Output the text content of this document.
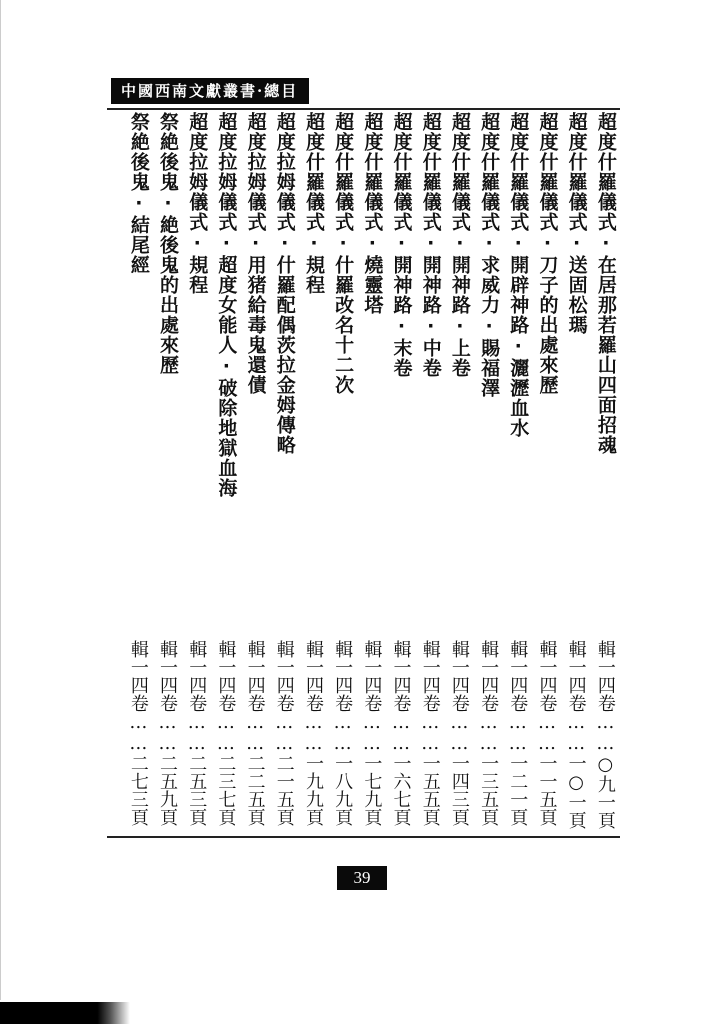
中國西南文獻叢書·總目
超度什羅儀式·在居那若羅山四面招魂
輯一四卷……○九一頁
超度什羅儀式·送固松瑪
輯一四卷……一○一頁
超度什羅儀式·刀子的出處來歷
輯一四卷……一一五頁
超度什羅儀式·開辟神路·灑瀝血水
輯一四卷……一二一頁
超度什羅儀式·求威力·賜福澤
輯一四卷……一三五頁
超度什羅儀式·開神路·上卷
輯一四卷……一四三頁
超度什羅儀式·開神路·中卷
輯一四卷……一五五頁
超度什羅儀式·開神路·末卷
輯一四卷……一六七頁
超度什羅儀式·燒靈塔
輯一四卷……一七九頁
超度什羅儀式·什羅改名十二次
輯一四卷……一八九頁
超度什羅儀式·規程
輯一四卷……一九九頁
超度拉姆儀式·什羅配偶茨拉金姆傳略
輯一四卷……二一五頁
超度拉姆儀式·用猪給毒鬼還債
輯一四卷……二二五頁
超度拉姆儀式·超度女能人·破除地獄血海
輯一四卷……二三七頁
超度拉姆儀式·規程
輯一四卷……二五三頁
祭絶後鬼·絶後鬼的出處來歷
輯一四卷……二五九頁
祭絶後鬼·結尾經
輯一四卷……二七三頁
39
